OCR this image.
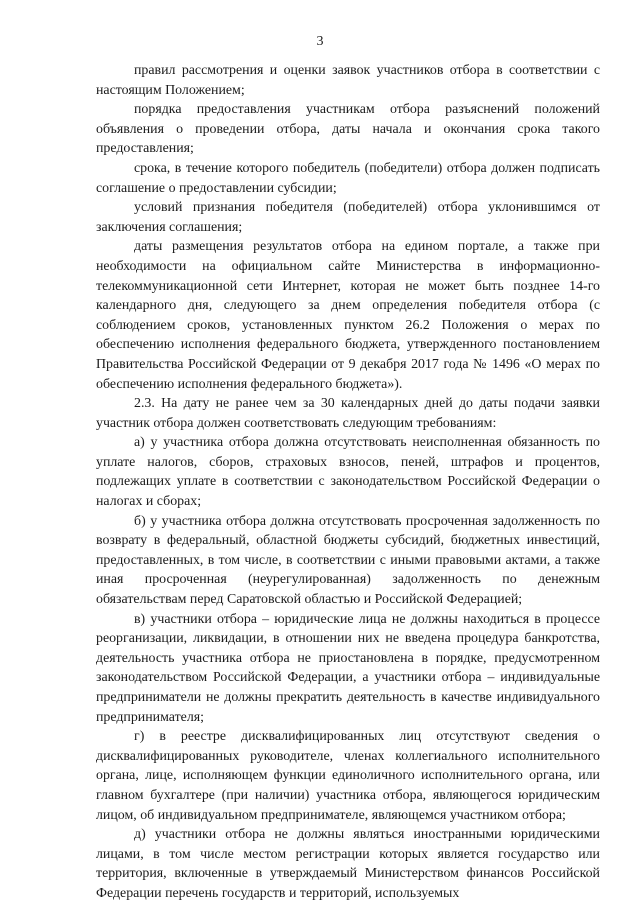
3

правил рассмотрения и оценки заявок участников отбора в соответствии с настоящим Положением;

порядка предоставления участникам отбора разъяснений положений объявления о проведении отбора, даты начала и окончания срока такого предоставления;

срока, в течение которого победитель (победители) отбора должен подписать соглашение о предоставлении субсидии;

условий признания победителя (победителей) отбора уклонившимся от заключения соглашения;

даты размещения результатов отбора на едином портале, а также при необходимости на официальном сайте Министерства в информационно-телекоммуникационной сети Интернет, которая не может быть позднее 14-го календарного дня, следующего за днем определения победителя отбора (с соблюдением сроков, установленных пунктом 26.2 Положения о мерах по обеспечению исполнения федерального бюджета, утвержденного постановлением Правительства Российской Федерации от 9 декабря 2017 года № 1496 «О мерах по обеспечению исполнения федерального бюджета»).

2.3. На дату не ранее чем за 30 календарных дней до даты подачи заявки участник отбора должен соответствовать следующим требованиям:

а) у участника отбора должна отсутствовать неисполненная обязанность по уплате налогов, сборов, страховых взносов, пеней, штрафов и процентов, подлежащих уплате в соответствии с законодательством Российской Федерации о налогах и сборах;

б) у участника отбора должна отсутствовать просроченная задолженность по возврату в федеральный, областной бюджеты субсидий, бюджетных инвестиций, предоставленных, в том числе, в соответствии с иными правовыми актами, а также иная просроченная (неурегулированная) задолженность по денежным обязательствам перед Саратовской областью и Российской Федерацией;

в) участники отбора – юридические лица не должны находиться в процессе реорганизации, ликвидации, в отношении них не введена процедура банкротства, деятельность участника отбора не приостановлена в порядке, предусмотренном законодательством Российской Федерации, а участники отбора – индивидуальные предприниматели не должны прекратить деятельность в качестве индивидуального предпринимателя;

г) в реестре дисквалифицированных лиц отсутствуют сведения о дисквалифицированных руководителе, членах коллегиального исполнительного органа, лице, исполняющем функции единоличного исполнительного органа, или главном бухгалтере (при наличии) участника отбора, являющегося юридическим лицом, об индивидуальном предпринимателе, являющемся участником отбора;

д) участники отбора не должны являться иностранными юридическими лицами, в том числе местом регистрации которых является государство или территория, включенные в утверждаемый Министерством финансов Российской Федерации перечень государств и территорий, используемых
